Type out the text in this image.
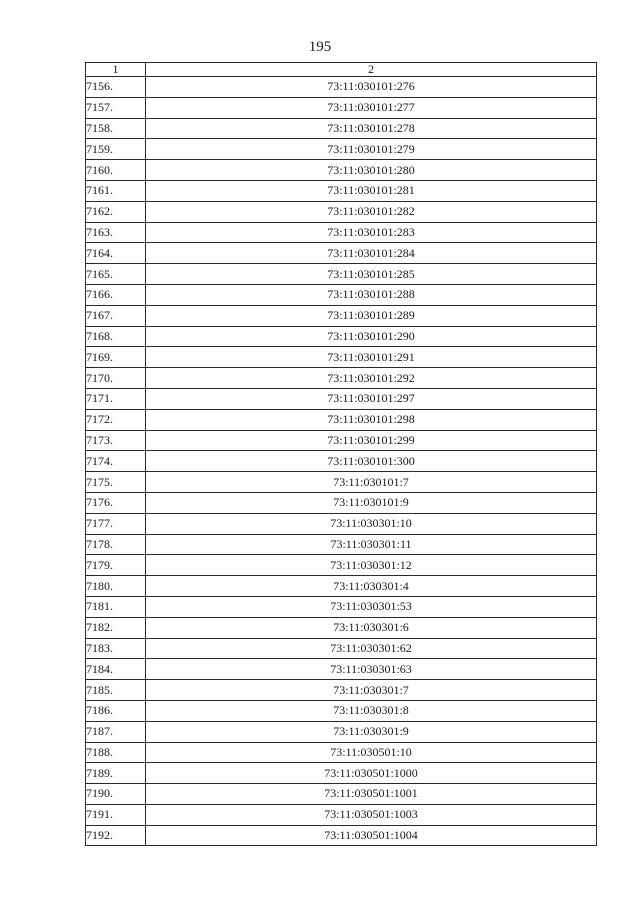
195
1	2
7156.	73:11:030101:276
7157.	73:11:030101:277
7158.	73:11:030101:278
7159.	73:11:030101:279
7160.	73:11:030101:280
7161.	73:11:030101:281
7162.	73:11:030101:282
7163.	73:11:030101:283
7164.	73:11:030101:284
7165.	73:11:030101:285
7166.	73:11:030101:288
7167.	73:11:030101:289
7168.	73:11:030101:290
7169.	73:11:030101:291
7170.	73:11:030101:292
7171.	73:11:030101:297
7172.	73:11:030101:298
7173.	73:11:030101:299
7174.	73:11:030101:300
7175.	73:11:030101:7
7176.	73:11:030101:9
7177.	73:11:030301:10
7178.	73:11:030301:11
7179.	73:11:030301:12
7180.	73:11:030301:4
7181.	73:11:030301:53
7182.	73:11:030301:6
7183.	73:11:030301:62
7184.	73:11:030301:63
7185.	73:11:030301:7
7186.	73:11:030301:8
7187.	73:11:030301:9
7188.	73:11:030501:10
7189.	73:11:030501:1000
7190.	73:11:030501:1001
7191.	73:11:030501:1003
7192.	73:11:030501:1004
